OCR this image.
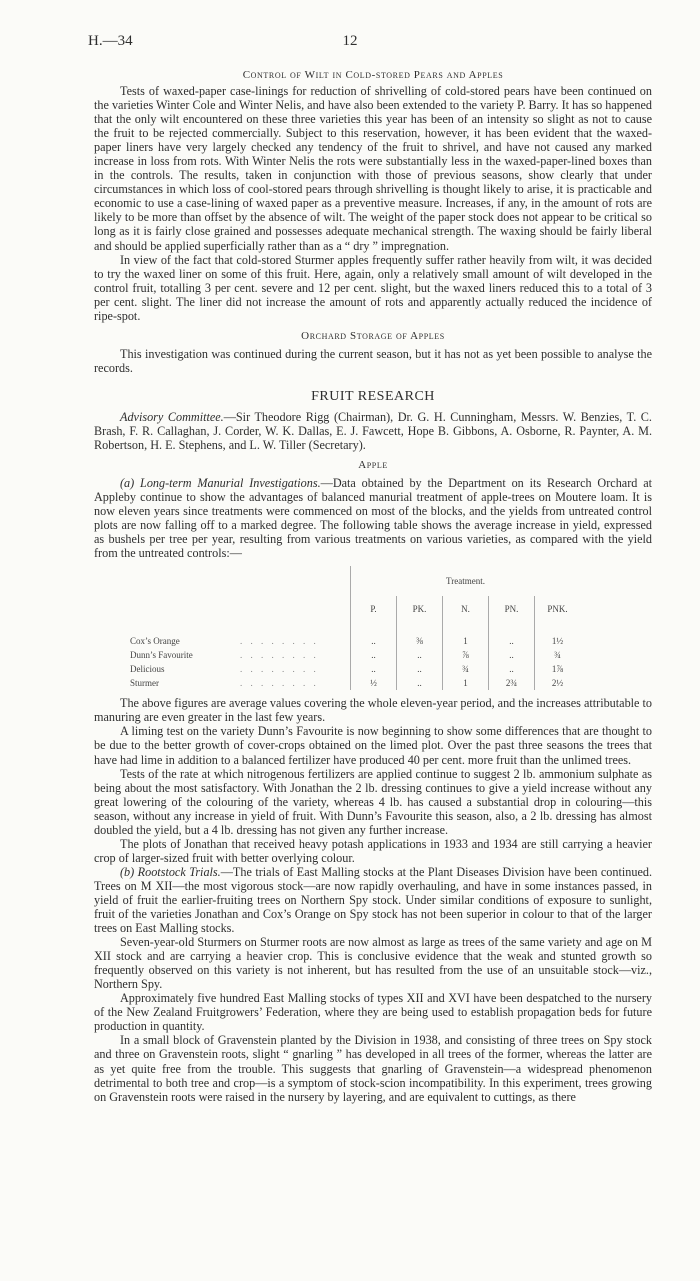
H.—34	12
Control of Wilt in Cold-stored Pears and Apples

Tests of waxed-paper case-linings for reduction of shrivelling of cold-stored pears have been continued on the varieties Winter Cole and Winter Nelis, and have also been extended to the variety P. Barry. It has so happened that the only wilt encountered on these three varieties this year has been of an intensity so slight as not to cause the fruit to be rejected commercially. Subject to this reservation, however, it has been evident that the waxed-paper liners have very largely checked any tendency of the fruit to shrivel, and have not caused any marked increase in loss from rots. With Winter Nelis the rots were substantially less in the waxed-paper-lined boxes than in the controls. The results, taken in conjunction with those of previous seasons, show clearly that under circumstances in which loss of cool-stored pears through shrivelling is thought likely to arise, it is practicable and economic to use a case-lining of waxed paper as a preventive measure. Increases, if any, in the amount of rots are likely to be more than offset by the absence of wilt. The weight of the paper stock does not appear to be critical so long as it is fairly close grained and possesses adequate mechanical strength. The waxing should be fairly liberal and should be applied superficially rather than as a “ dry ” impregnation.

In view of the fact that cold-stored Sturmer apples frequently suffer rather heavily from wilt, it was decided to try the waxed liner on some of this fruit. Here, again, only a relatively small amount of wilt developed in the control fruit, totalling 3 per cent. severe and 12 per cent. slight, but the waxed liners reduced this to a total of 3 per cent. slight. The liner did not increase the amount of rots and apparently actually reduced the incidence of ripe-spot.

Orchard Storage of Apples

This investigation was continued during the current season, but it has not as yet been possible to analyse the records.

FRUIT RESEARCH

Advisory Committee.—Sir Theodore Rigg (Chairman), Dr. G. H. Cunningham, Messrs. W. Benzies, T. C. Brash, F. R. Callaghan, J. Corder, W. K. Dallas, E. J. Fawcett, Hope B. Gibbons, A. Osborne, R. Paynter, A. M. Robertson, H. E. Stephens, and L. W. Tiller (Secretary).

Apple

(a) Long-term Manurial Investigations.—Data obtained by the Department on its Research Orchard at Appleby continue to show the advantages of balanced manurial treatment of apple-trees on Moutere loam. It is now eleven years since treatments were commenced on most of the blocks, and the yields from untreated control plots are now falling off to a marked degree. The following table shows the average increase in yield, expressed as bushels per tree per year, resulting from various treatments on various varieties, as compared with the yield from the untreated controls:—

		Treatment.				
		P.	PK.	N.	PN.	PNK.

Cox’s Orange	. . . . . . . .	..	⅜	1	..	1½
Dunn’s Favourite	. . . . . . . .	..	..	⅞	..	¾
Delicious	. . . . . . . .	..	..	¾	..	1⅞
Sturmer	. . . . . . . .	½	..	1	2¾	2½

The above figures are average values covering the whole eleven-year period, and the increases attributable to manuring are even greater in the last few years.

A liming test on the variety Dunn’s Favourite is now beginning to show some differences that are thought to be due to the better growth of cover-crops obtained on the limed plot. Over the past three seasons the trees that have had lime in addition to a balanced fertilizer have produced 40 per cent. more fruit than the unlimed trees.

Tests of the rate at which nitrogenous fertilizers are applied continue to suggest 2 lb. ammonium sulphate as being about the most satisfactory. With Jonathan the 2 lb. dressing continues to give a yield increase without any great lowering of the colouring of the variety, whereas 4 lb. has caused a substantial drop in colouring—this season, without any increase in yield of fruit. With Dunn’s Favourite this season, also, a 2 lb. dressing has almost doubled the yield, but a 4 lb. dressing has not given any further increase.

The plots of Jonathan that received heavy potash applications in 1933 and 1934 are still carrying a heavier crop of larger-sized fruit with better overlying colour.

(b) Rootstock Trials.—The trials of East Malling stocks at the Plant Diseases Division have been continued. Trees on M XII—the most vigorous stock—are now rapidly overhauling, and have in some instances passed, in yield of fruit the earlier-fruiting trees on Northern Spy stock. Under similar conditions of exposure to sunlight, fruit of the varieties Jonathan and Cox’s Orange on Spy stock has not been superior in colour to that of the larger trees on East Malling stocks.

Seven-year-old Sturmers on Sturmer roots are now almost as large as trees of the same variety and age on M XII stock and are carrying a heavier crop. This is conclusive evidence that the weak and stunted growth so frequently observed on this variety is not inherent, but has resulted from the use of an unsuitable stock—viz., Northern Spy.

Approximately five hundred East Malling stocks of types XII and XVI have been despatched to the nursery of the New Zealand Fruitgrowers’ Federation, where they are being used to establish propagation beds for future production in quantity.

In a small block of Gravenstein planted by the Division in 1938, and consisting of three trees on Spy stock and three on Gravenstein roots, slight “ gnarling ” has developed in all trees of the former, whereas the latter are as yet quite free from the trouble. This suggests that gnarling of Gravenstein—a widespread phenomenon detrimental to both tree and crop—is a symptom of stock-scion incompatibility. In this experiment, trees growing on Gravenstein roots were raised in the nursery by layering, and are equivalent to cuttings, as there
